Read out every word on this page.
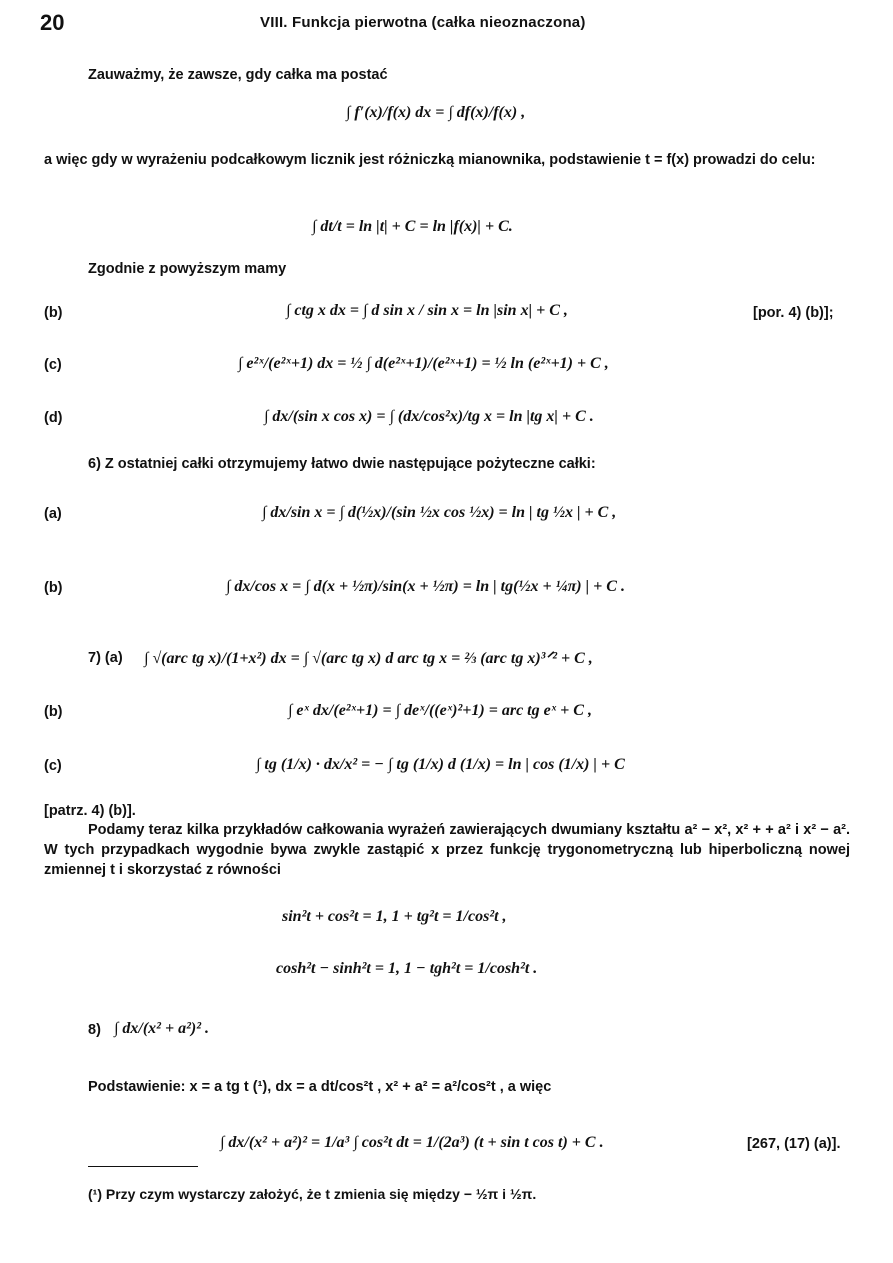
20	VIII. Funkcja pierwotna (całka nieoznaczona)
Zauważmy, że zawsze, gdy całka ma postać
∫ f′(x)/f(x) dx = ∫ df(x)/f(x) ,
a więc gdy w wyrażeniu podcałkowym licznik jest różniczką mianownika, podstawienie t = f(x) prowadzi do celu:
∫ dt/t = ln |t| + C = ln |f(x)| + C.
Zgodnie z powyższym mamy
(b)	∫ ctg x dx = ∫ d sin x / sin x = ln |sin x| + C ,	[por. 4) (b)];
(c)	∫ e²ˣ/(e²ˣ+1) dx = ½ ∫ d(e²ˣ+1)/(e²ˣ+1) = ½ ln (e²ˣ+1) + C ,
(d)	∫ dx/(sin x cos x) = ∫ (dx/cos²x)/tg x = ln |tg x| + C .
6) Z ostatniej całki otrzymujemy łatwo dwie następujące pożyteczne całki:
(a)	∫ dx/sin x = ∫ d(½x)/(sin ½x cos ½x) = ln | tg ½x | + C ,
(b)	∫ dx/cos x = ∫ d(x + ½π)/sin(x + ½π) = ln | tg(½x + ¼π) | + C .
7) (a) ∫ √(arc tg x)/(1+x²) dx = ∫ √(arc tg x) d arc tg x = ⅔ (arc tg x)³ᐟ² + C ,
(b)	∫ eˣ dx/(e²ˣ+1) = ∫ deˣ/((eˣ)²+1) = arc tg eˣ + C ,
(c)	∫ tg (1/x) · dx/x² = − ∫ tg (1/x) d (1/x) = ln | cos (1/x) | + C
[patrz. 4) (b)].
Podamy teraz kilka przykładów całkowania wyrażeń zawierających dwumiany kształtu a² − x², x² + + a² i x² − a². W tych przypadkach wygodnie bywa zwykle zastąpić x przez funkcję trygonometryczną lub hiperboliczną nowej zmiennej t i skorzystać z równości
sin²t + cos²t = 1, 1 + tg²t = 1/cos²t ,
cosh²t − sinh²t = 1, 1 − tgh²t = 1/cosh²t .
8) ∫ dx/(x² + a²)² .
Podstawienie: x = a tg t (¹), dx = a dt/cos²t , x² + a² = a²/cos²t , a więc
∫ dx/(x² + a²)² = 1/a³ ∫ cos²t dt = 1/(2a³) (t + sin t cos t) + C .	[267, (17) (a)].
(¹) Przy czym wystarczy założyć, że t zmienia się między − ½π i ½π.
